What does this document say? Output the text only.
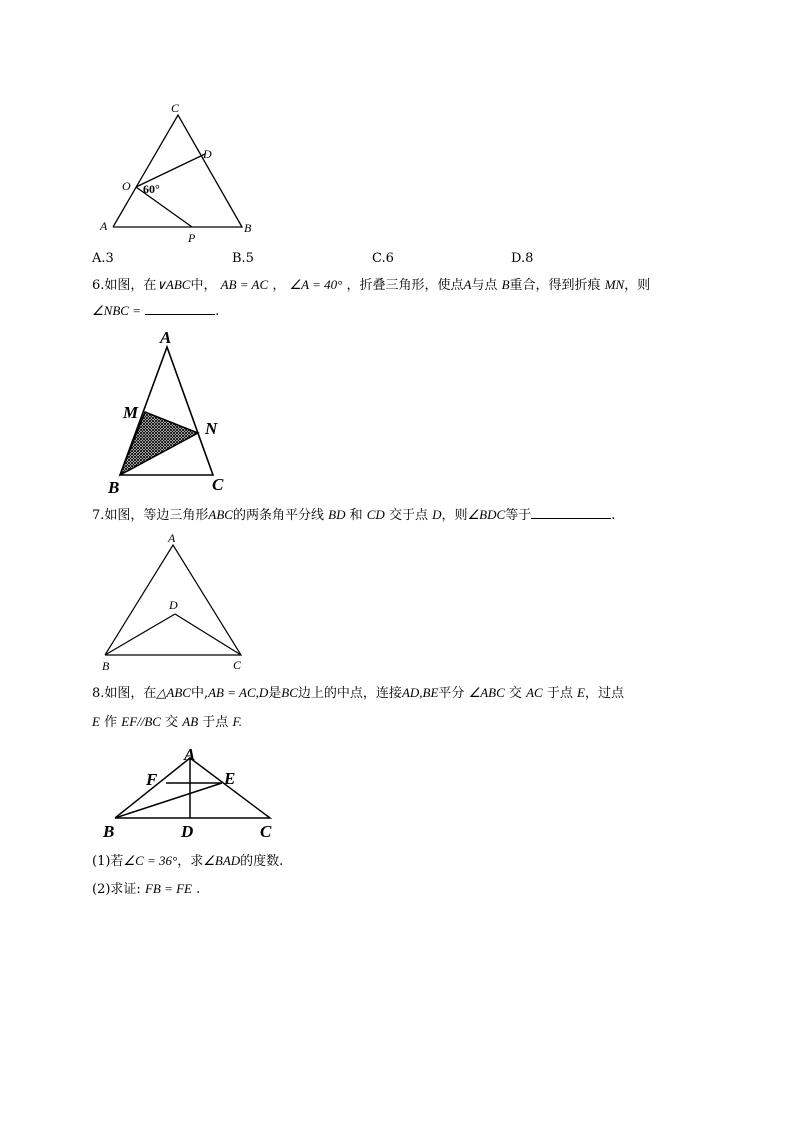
C
D
O 60°
A
P
B
A.3	B.5	C.6	D.8
6.如图，在∨ABC中， AB = AC ， ∠A = 40° ，折叠三角形，使点A与点 B重合，得到折痕 MN，则
∠NBC =	.
A
M
N
B	C
7.如图，等边三角形ABC的两条角平分线 BD 和 CD 交于点 D，则∠BDC等于	.
A
D
B	C
8.如图，在△ABC中,AB = AC,D是BC边上的中点，连接AD,BE平分 ∠ABC 交 AC 于点 E，过点
E 作 EF//BC 交 AB 于点 F.
A
F	E
B	D	C
(1)若∠C = 36°，求∠BAD的度数.
(2)求证: FB = FE .
